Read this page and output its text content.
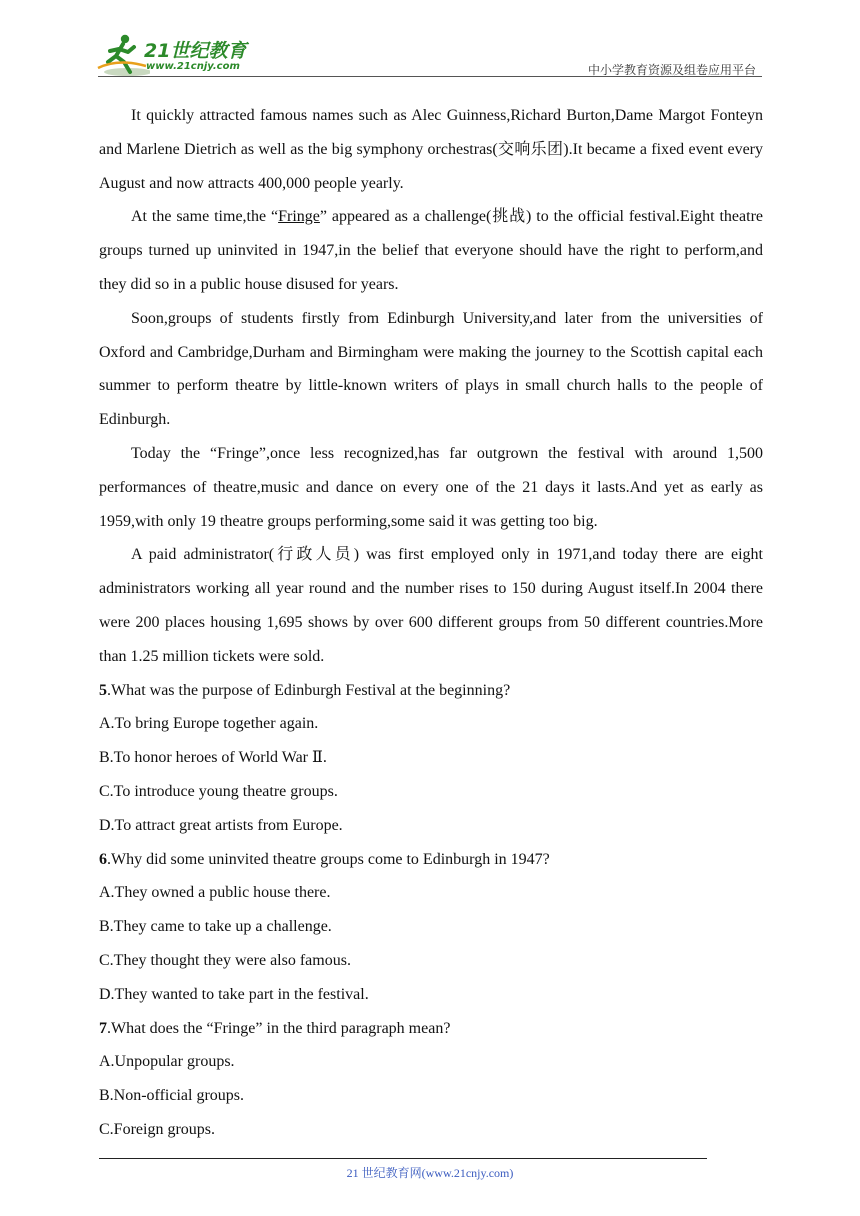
21世纪教育
www.21cnjy.com	中小学教育资源及组卷应用平台

It quickly attracted famous names such as Alec Guinness,Richard Burton,Dame Margot Fonteyn and Marlene Dietrich as well as the big symphony orchestras(交响乐团).It became a fixed event every August and now attracts 400,000 people yearly.

At the same time,the “Fringe” appeared as a challenge(挑战) to the official festival.Eight theatre groups turned up uninvited in 1947,in the belief that everyone should have the right to perform,and they did so in a public house disused for years.

Soon,groups of students firstly from Edinburgh University,and later from the universities of Oxford and Cambridge,Durham and Birmingham were making the journey to the Scottish capital each summer to perform theatre by little-known writers of plays in small church halls to the people of Edinburgh.

Today the “Fringe”,once less recognized,has far outgrown the festival with around 1,500 performances of theatre,music and dance on every one of the 21 days it lasts.And yet as early as 1959,with only 19 theatre groups performing,some said it was getting too big.

A paid administrator(行政人员) was first employed only in 1971,and today there are eight administrators working all year round and the number rises to 150 during August itself.In 2004 there were 200 places housing 1,695 shows by over 600 different groups from 50 different countries.More than 1.25 million tickets were sold.

5.What was the purpose of Edinburgh Festival at the beginning?

A.To bring Europe together again.

B.To honor heroes of World War Ⅱ.

C.To introduce young theatre groups.

D.To attract great artists from Europe.

6.Why did some uninvited theatre groups come to Edinburgh in 1947?

A.They owned a public house there.

B.They came to take up a challenge.

C.They thought they were also famous.

D.They wanted to take part in the festival.

7.What does the “Fringe” in the third paragraph mean?

A.Unpopular groups.

B.Non-official groups.

C.Foreign groups.

21 世纪教育网(www.21cnjy.com)
